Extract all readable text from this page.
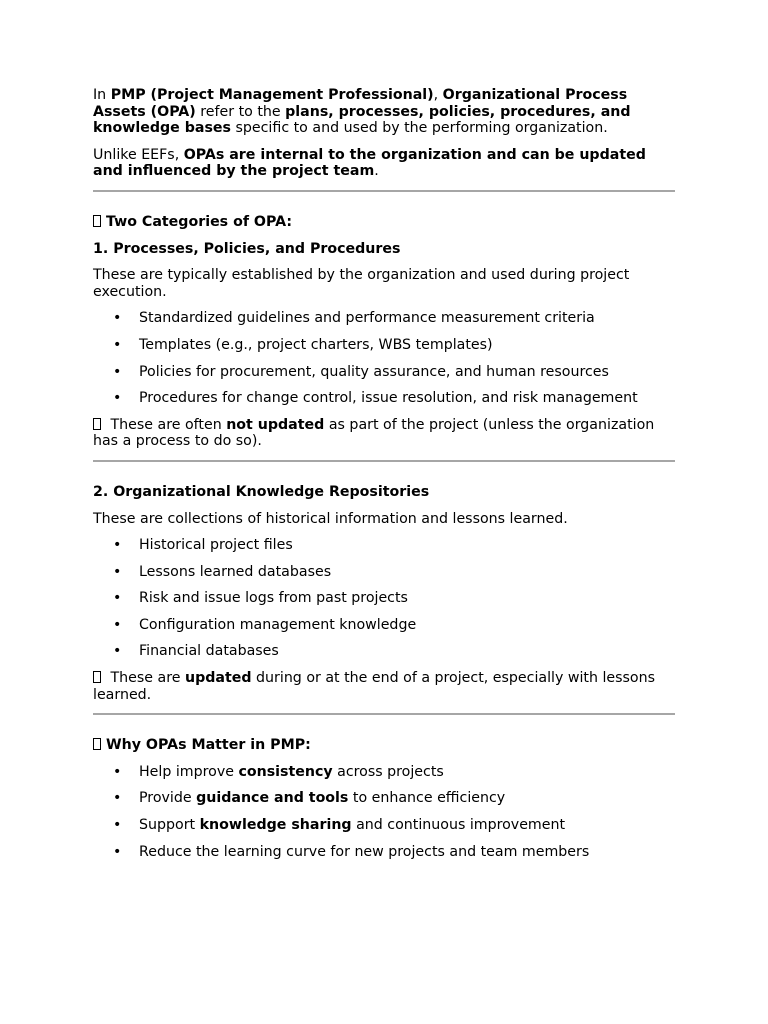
In PMP (Project Management Professional), Organizational Process Assets (OPA) refer to the plans, processes, policies, procedures, and knowledge bases specific to and used by the performing organization.

Unlike EEFs, OPAs are internal to the organization and can be updated and influenced by the project team.

Two Categories of OPA:

1. Processes, Policies, and Procedures

These are typically established by the organization and used during project execution.

• Standardized guidelines and performance measurement criteria
• Templates (e.g., project charters, WBS templates)
• Policies for procurement, quality assurance, and human resources
• Procedures for change control, issue resolution, and risk management

These are often not updated as part of the project (unless the organization has a process to do so).

2. Organizational Knowledge Repositories

These are collections of historical information and lessons learned.

• Historical project files
• Lessons learned databases
• Risk and issue logs from past projects
• Configuration management knowledge
• Financial databases

These are updated during or at the end of a project, especially with lessons learned.

Why OPAs Matter in PMP:

• Help improve consistency across projects
• Provide guidance and tools to enhance efficiency
• Support knowledge sharing and continuous improvement
• Reduce the learning curve for new projects and team members
